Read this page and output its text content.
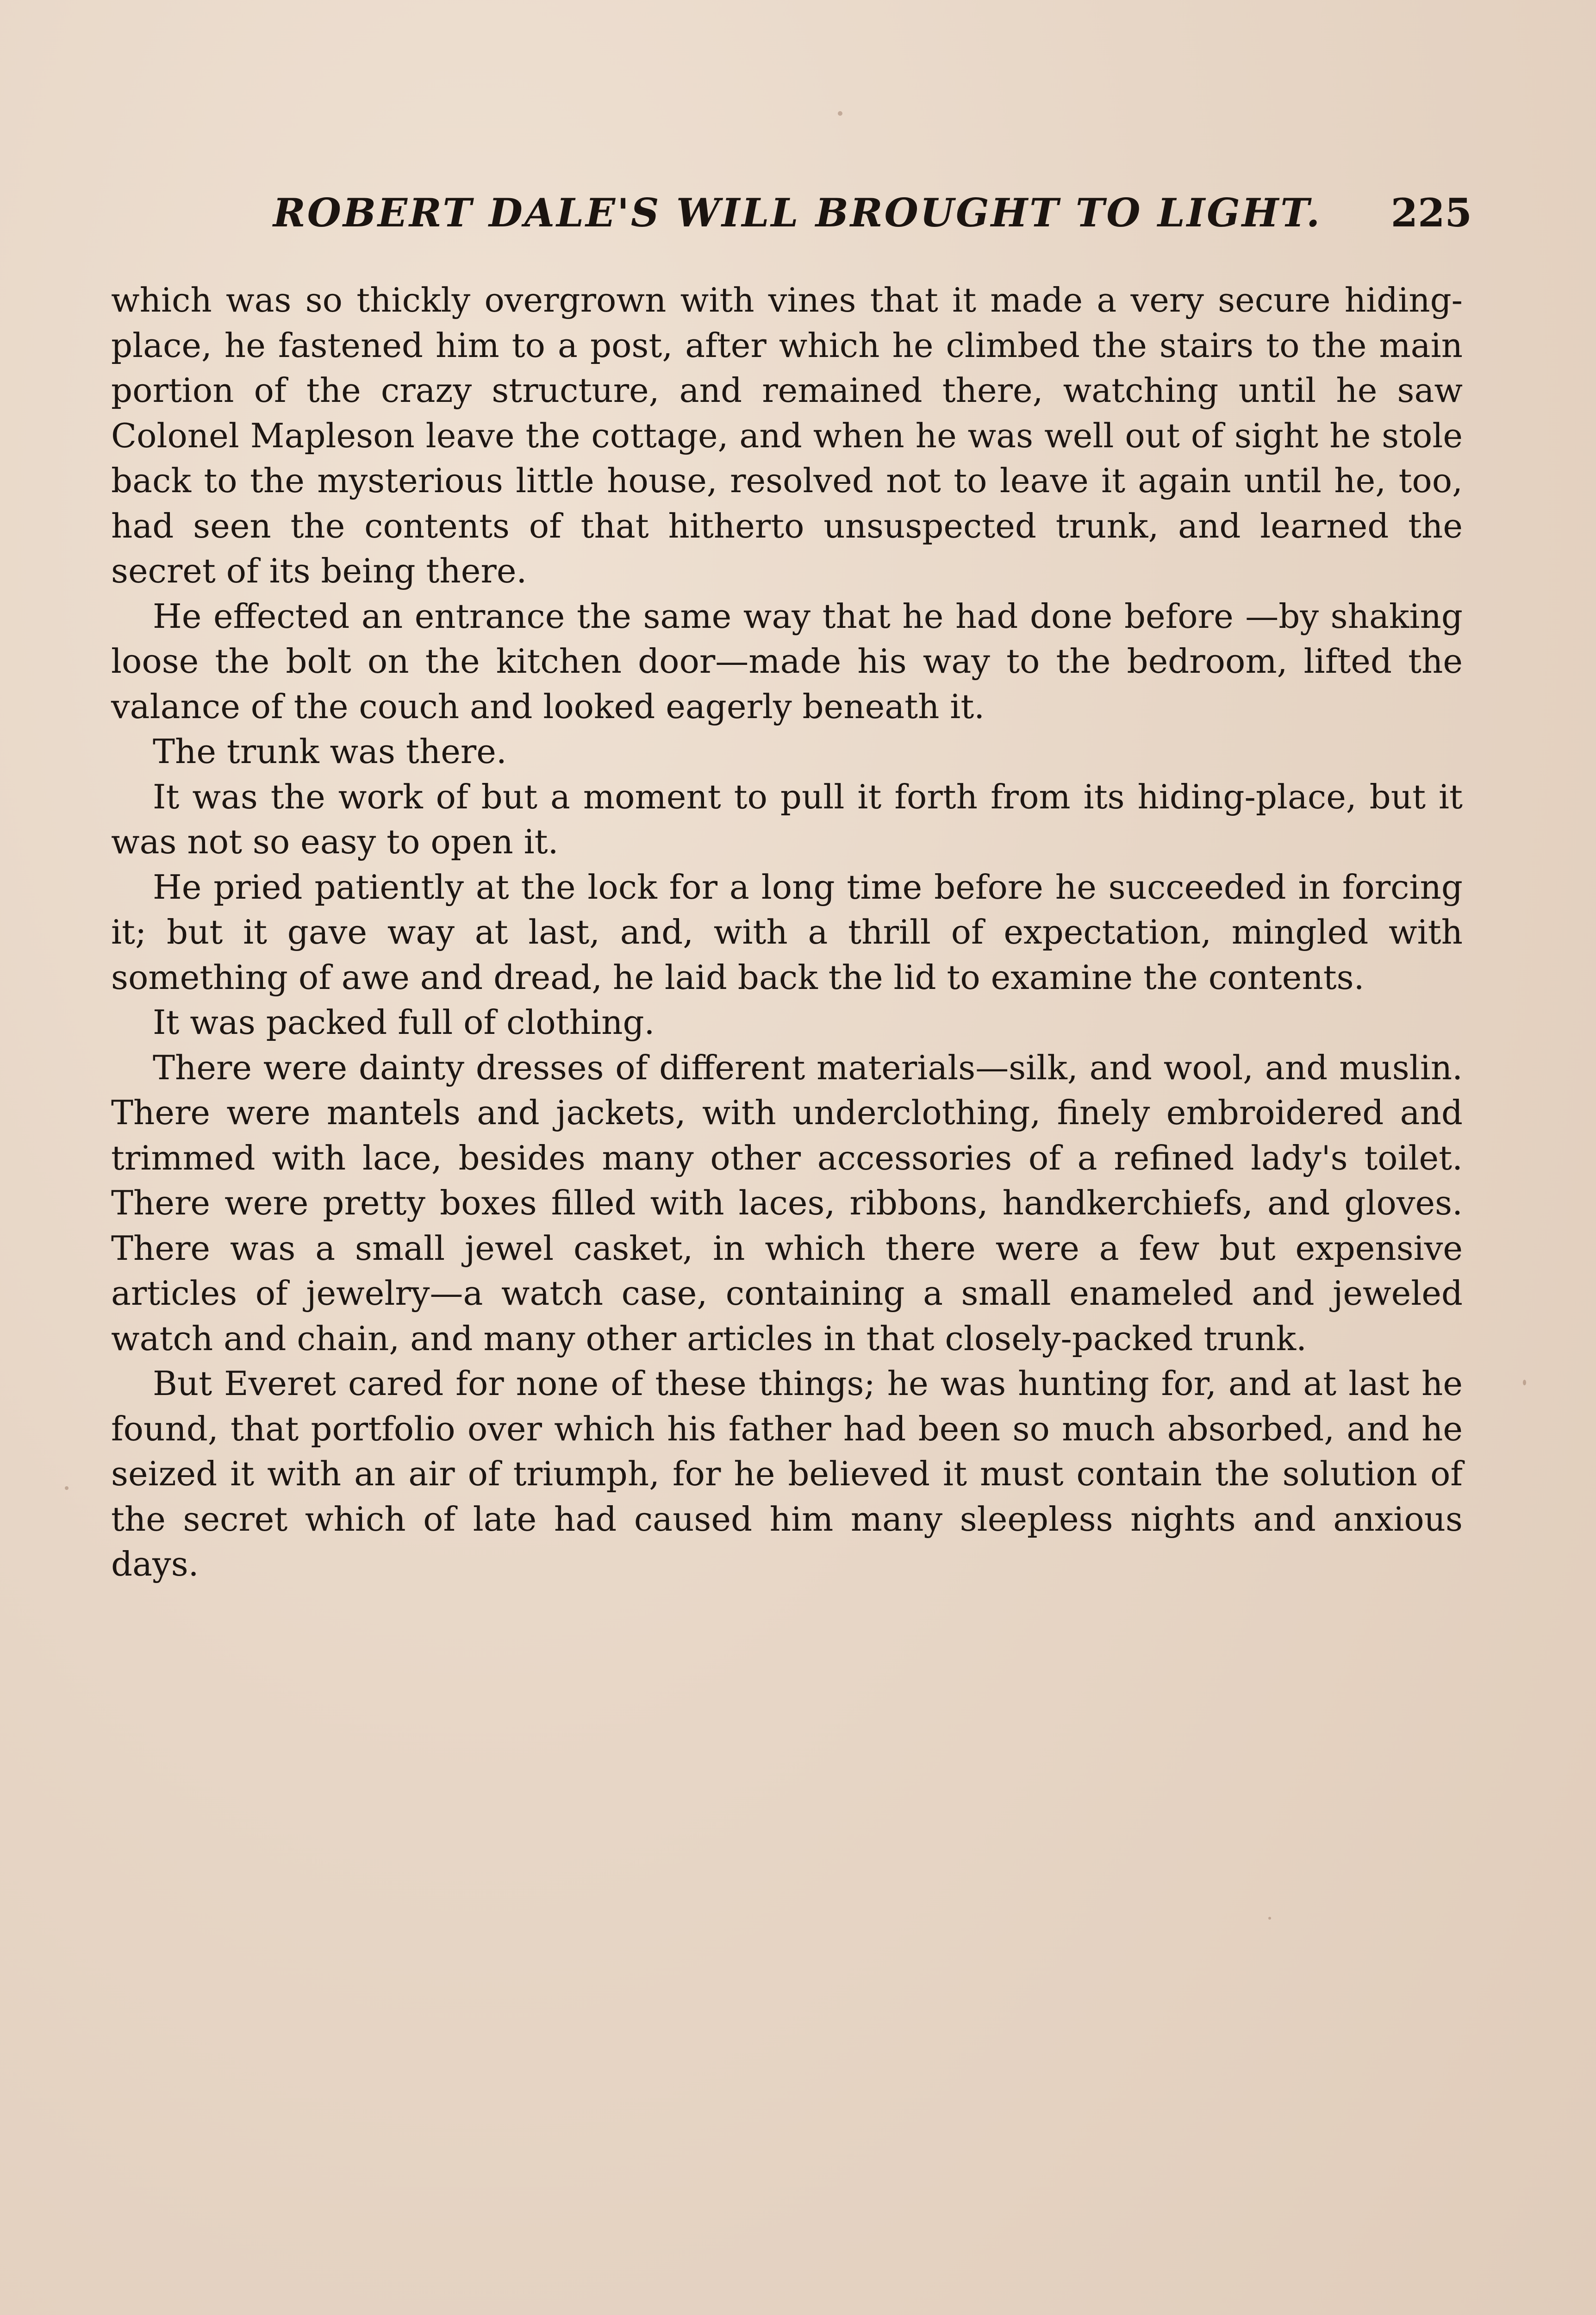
ROBERT DALE'S WILL BROUGHT TO LIGHT. 225

which was so thickly overgrown with vines that it made a very secure hiding-place, he fastened him to a post, after which he climbed the stairs to the main portion of the crazy structure, and remained there, watching until he saw Colonel Mapleson leave the cottage, and when he was well out of sight he stole back to the mysterious little house, resolved not to leave it again until he, too, had seen the contents of that hitherto unsuspected trunk, and learned the secret of its being there.

He effected an entrance the same way that he had done before —by shaking loose the bolt on the kitchen door—made his way to the bedroom, lifted the valance of the couch and looked eagerly beneath it.

The trunk was there.

It was the work of but a moment to pull it forth from its hiding-place, but it was not so easy to open it.

He pried patiently at the lock for a long time before he succeeded in forcing it; but it gave way at last, and, with a thrill of expectation, mingled with something of awe and dread, he laid back the lid to examine the contents.

It was packed full of clothing.

There were dainty dresses of different materials—silk, and wool, and muslin. There were mantels and jackets, with underclothing, finely embroidered and trimmed with lace, besides many other accessories of a refined lady's toilet. There were pretty boxes filled with laces, ribbons, handkerchiefs, and gloves. There was a small jewel casket, in which there were a few but expensive articles of jewelry—a watch case, containing a small enameled and jeweled watch and chain, and many other articles in that closely-packed trunk.

But Everet cared for none of these things; he was hunting for, and at last he found, that portfolio over which his father had been so much absorbed, and he seized it with an air of triumph, for he believed it must contain the solution of the secret which of late had caused him many sleepless nights and anxious days.
